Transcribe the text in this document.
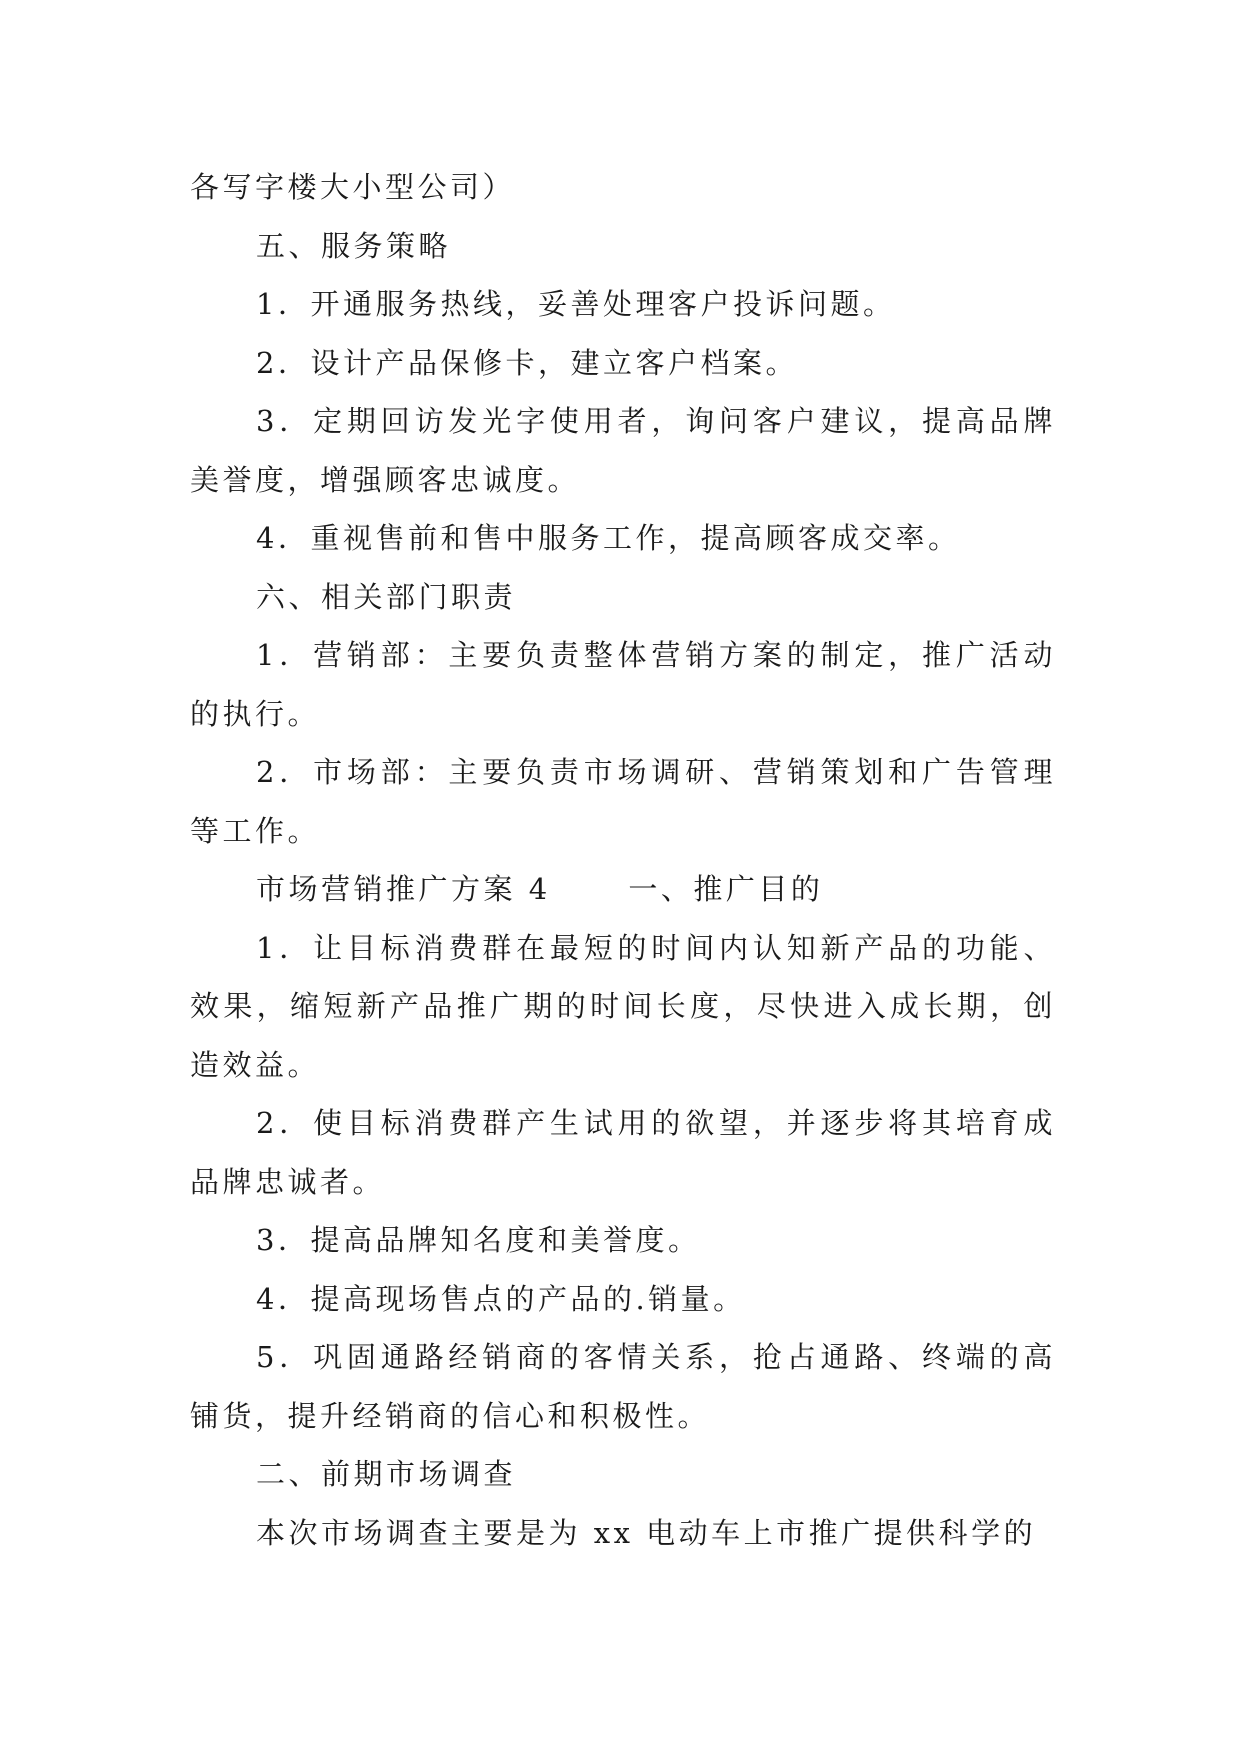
各写字楼大小型公司）

五、服务策略

1．开通服务热线，妥善处理客户投诉问题。

2．设计产品保修卡，建立客户档案。

3．定期回访发光字使用者，询问客户建议，提高品牌美誉度，增强顾客忠诚度。

4．重视售前和售中服务工作，提高顾客成交率。

六、相关部门职责

1．营销部：主要负责整体营销方案的制定，推广活动的执行。

2．市场部：主要负责市场调研、营销策划和广告管理等工作。

市场营销推广方案 4　　 一、推广目的

1．让目标消费群在最短的时间内认知新产品的功能、效果，缩短新产品推广期的时间长度，尽快进入成长期，创造效益。

2．使目标消费群产生试用的欲望，并逐步将其培育成品牌忠诚者。

3．提高品牌知名度和美誉度。

4．提高现场售点的产品的.销量。

5．巩固通路经销商的客情关系，抢占通路、终端的高铺货，提升经销商的信心和积极性。

二、前期市场调查

本次市场调查主要是为 xx 电动车上市推广提供科学的
